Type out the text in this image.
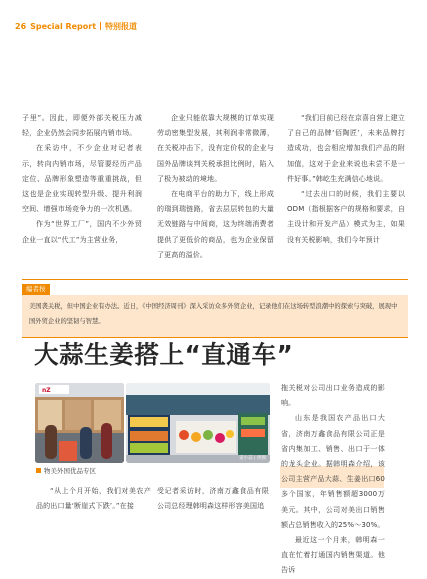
26 Special Report 特别报道

子里”。因此，即便外部关税压力减轻，企业仍然会同步拓展内销市场。

在采访中，不少企业对记者表示，转向内销市场，尽管要经历产品定位、品牌形象塑造等重重挑战，但这也是企业实现转型升级、提升利润空间、增强市场竞争力的一次机遇。

作为“世界工厂”，国内不少外贸企业一直以“代工”为主营业务，

企业只能依靠大规模的订单实现劳动密集型发展，其利润非常微薄，在关税冲击下，没有定价权的企业与国外品牌谈判关税承担比例时，陷入了极为被动的境地。

在电商平台的助力下，线上形成的瑞到瑞链路，省去层层转包的大量无效链路与中间商，这为终端消费者提供了更低价的商品，也为企业保留了更高的溢价。

“我们目前已经在京喜自营上建立了自己的品牌‘佰陶匠’，未来品牌打造成功，也会相应增加我们产品的附加值，这对于企业来说也未尝不是一件好事。”韩屹生充满信心地说。

“过去出口的时候，我们主要以ODM（指根据客户的规格和要求，自主设计和开发产品）模式为主，如果没有关税影响，我们今年预计

编者按

美国袭关税，但中国企业有办法。近日，《中国经济周刊》深入采访众多外贸企业，记录他们在这场转型浪潮中的探索与突破，展现中国外贸企业的坚韧与智慧。

大蒜生姜搭上“直通车”
nZ
姜小蒜 | 供图
物美外国优品专区

拖关税对公司出口业务造成的影响。

山东是我国农产品出口大省，济南万鑫食品有限公司正是省内集加工、销售、出口于一体的龙头企业。据韩明森介绍，该公司主营产品大蒜、生姜出口60多个国家，年销售额超3000万美元。其中，公司对美出口销售额占总销售收入的25%～30%。

最近这一个月来，韩明森一直在忙着打通国内销售渠道。他告诉

“从上个月开始，我们对美农产品的出口量‘断崖式下跌’。”在接

受记者采访时，济南万鑫食品有限公司总经理韩明森这样形容美国追
